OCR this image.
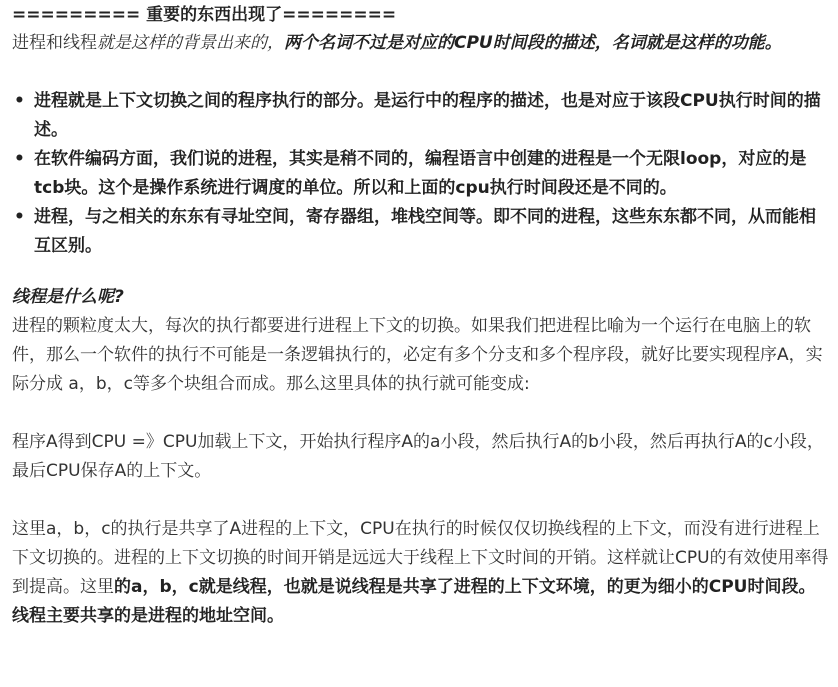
========= 重要的东西出现了========

进程和线程就是这样的背景出来的，两个名词不过是对应的CPU时间段的描述，名词就是这样的功能。

• 进程就是上下文切换之间的程序执行的部分。是运行中的程序的描述，也是对应于该段CPU执行时间的描述。
• 在软件编码方面，我们说的进程，其实是稍不同的，编程语言中创建的进程是一个无限loop，对应的是tcb块。这个是操作系统进行调度的单位。所以和上面的cpu执行时间段还是不同的。
• 进程，与之相关的东东有寻址空间，寄存器组，堆栈空间等。即不同的进程，这些东东都不同，从而能相互区别。

线程是什么呢?

进程的颗粒度太大，每次的执行都要进行进程上下文的切换。如果我们把进程比喻为一个运行在电脑上的软件，那么一个软件的执行不可能是一条逻辑执行的，必定有多个分支和多个程序段，就好比要实现程序A，实际分成 a，b，c等多个块组合而成。那么这里具体的执行就可能变成:

程序A得到CPU =》CPU加载上下文，开始执行程序A的a小段，然后执行A的b小段，然后再执行A的c小段，最后CPU保存A的上下文。

这里a，b，c的执行是共享了A进程的上下文，CPU在执行的时候仅仅切换线程的上下文，而没有进行进程上下文切换的。进程的上下文切换的时间开销是远远大于线程上下文时间的开销。这样就让CPU的有效使用率得到提高。这里的a，b，c就是线程，也就是说线程是共享了进程的上下文环境，的更为细小的CPU时间段。线程主要共享的是进程的地址空间。
